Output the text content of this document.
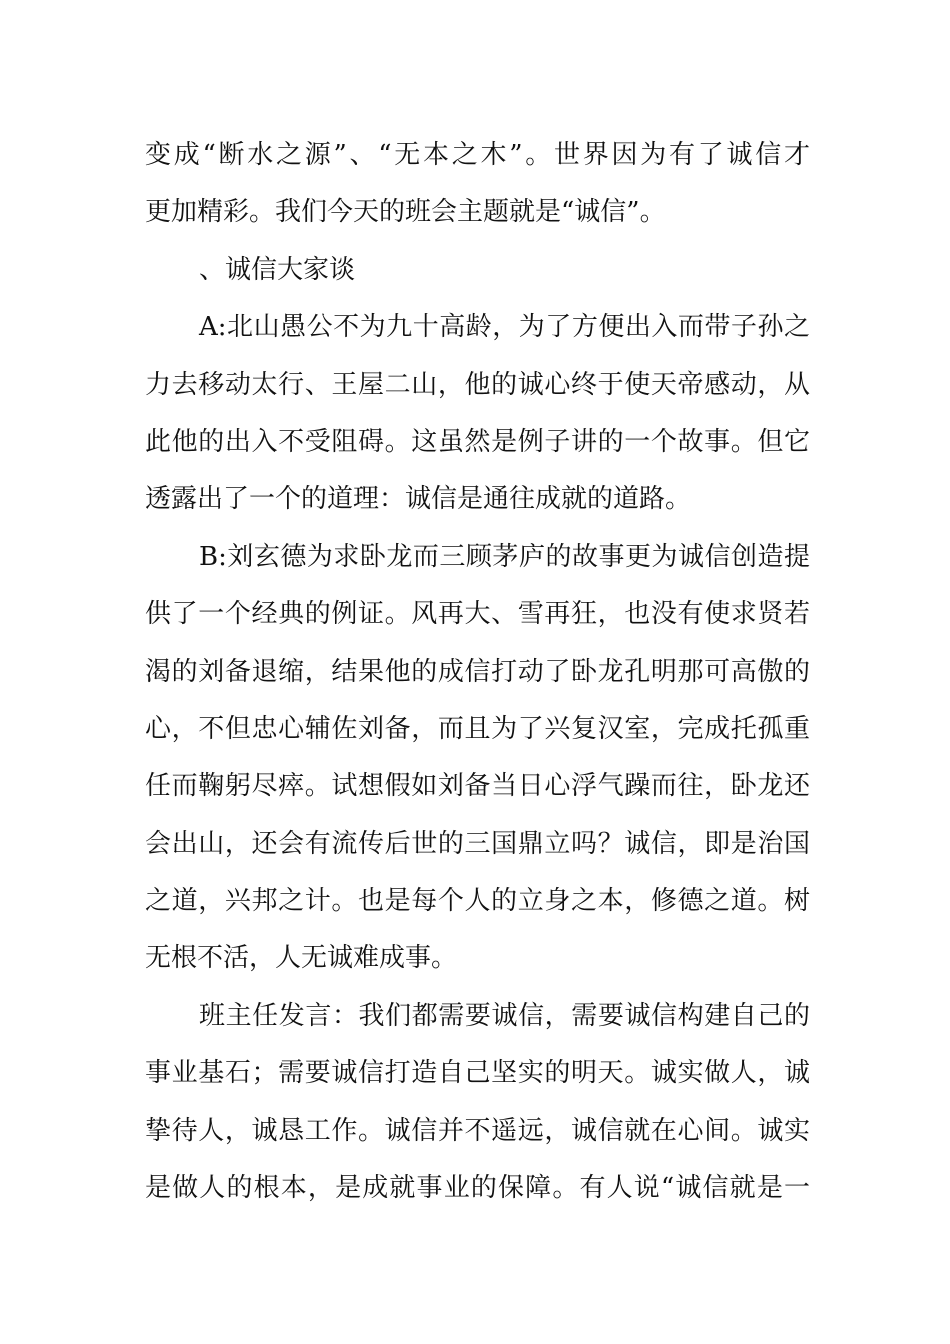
变成“断水之源”、“无本之木”。世界因为有了诚信才
更加精彩。我们今天的班会主题就是“诚信”。
、诚信大家谈
A:北山愚公不为九十高龄，为了方便出入而带子孙之
力去移动太行、王屋二山，他的诚心终于使天帝感动，从
此他的出入不受阻碍。这虽然是例子讲的一个故事。但它
透露出了一个的道理：诚信是通往成就的道路。
B:刘玄德为求卧龙而三顾茅庐的故事更为诚信创造提
供了一个经典的例证。风再大、雪再狂，也没有使求贤若
渴的刘备退缩，结果他的成信打动了卧龙孔明那可高傲的
心，不但忠心辅佐刘备，而且为了兴复汉室，完成托孤重
任而鞠躬尽瘁。试想假如刘备当日心浮气躁而往，卧龙还
会出山，还会有流传后世的三国鼎立吗？诚信，即是治国
之道，兴邦之计。也是每个人的立身之本，修德之道。树
无根不活，人无诚难成事。
班主任发言：我们都需要诚信，需要诚信构建自己的
事业基石；需要诚信打造自己坚实的明天。诚实做人，诚
挚待人，诚恳工作。诚信并不遥远，诚信就在心间。诚实
是做人的根本，是成就事业的保障。有人说“诚信就是一
